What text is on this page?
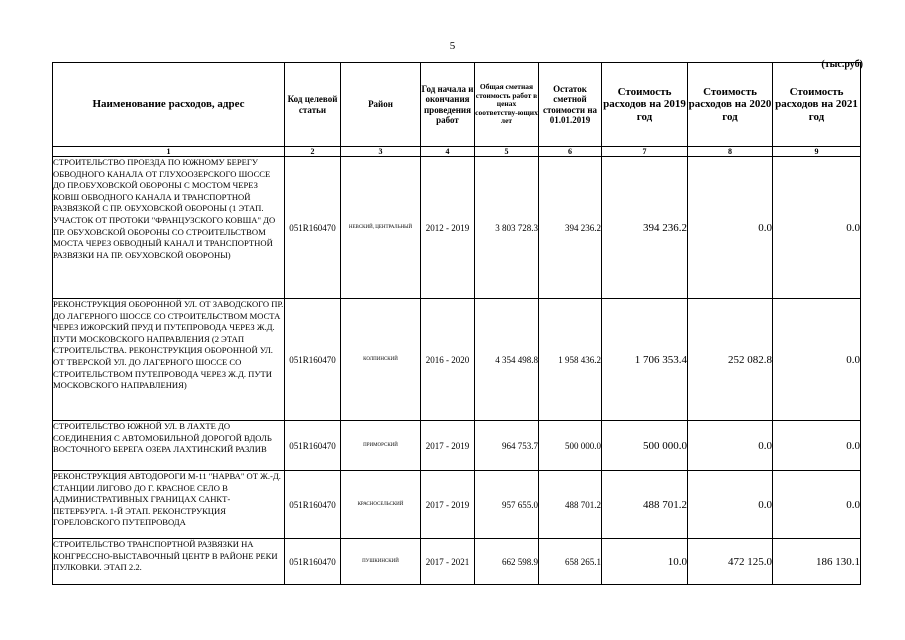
5
(тыс.руб)
Наименование расходов, адрес	Код целевой статьи	Район	Год начала и окончания проведения работ	Общая сметная стоимость работ в ценах соответству-ющих лет	Остаток сметной стоимости на 01.01.2019	Стоимость расходов на 2019 год	Стоимость расходов на 2020 год	Стоимость расходов на 2021 год
1	2	3	4	5	6	7	8	9
СТРОИТЕЛЬСТВО ПРОЕЗДА ПО ЮЖНОМУ БЕРЕГУ ОБВОДНОГО КАНАЛА ОТ ГЛУХООЗЕРСКОГО ШОССЕ ДО ПР.ОБУХОВСКОЙ ОБОРОНЫ С МОСТОМ ЧЕРЕЗ КОВШ ОБВОДНОГО КАНАЛА И ТРАНСПОРТНОЙ РАЗВЯЗКОЙ С ПР. ОБУХОВСКОЙ ОБОРОНЫ (1 ЭТАП. УЧАСТОК ОТ ПРОТОКИ "ФРАНЦУЗСКОГО КОВША" ДО ПР. ОБУХОВСКОЙ ОБОРОНЫ СО СТРОИТЕЛЬСТВОМ МОСТА ЧЕРЕЗ ОБВОДНЫЙ КАНАЛ И ТРАНСПОРТНОЙ РАЗВЯЗКИ НА ПР. ОБУХОВСКОЙ ОБОРОНЫ)	051R160470	НЕВСКИЙ, ЦЕНТРАЛЬНЫЙ	2012 - 2019	3 803 728.3	394 236.2	394 236.2	0.0	0.0
РЕКОНСТРУКЦИЯ ОБОРОННОЙ УЛ. ОТ ЗАВОДСКОГО ПР. ДО ЛАГЕРНОГО ШОССЕ СО СТРОИТЕЛЬСТВОМ МОСТА ЧЕРЕЗ ИЖОРСКИЙ ПРУД И ПУТЕПРОВОДА ЧЕРЕЗ Ж.Д. ПУТИ МОСКОВСКОГО НАПРАВЛЕНИЯ (2 ЭТАП СТРОИТЕЛЬСТВА. РЕКОНСТРУКЦИЯ ОБОРОННОЙ УЛ. ОТ ТВЕРСКОЙ УЛ. ДО ЛАГЕРНОГО ШОССЕ СО СТРОИТЕЛЬСТВОМ ПУТЕПРОВОДА ЧЕРЕЗ Ж.Д. ПУТИ МОСКОВСКОГО НАПРАВЛЕНИЯ)	051R160470	КОЛПИНСКИЙ	2016 - 2020	4 354 498.8	1 958 436.2	1 706 353.4	252 082.8	0.0
СТРОИТЕЛЬСТВО ЮЖНОЙ УЛ. В ЛАХТЕ ДО СОЕДИНЕНИЯ С АВТОМОБИЛЬНОЙ ДОРОГОЙ ВДОЛЬ ВОСТОЧНОГО БЕРЕГА ОЗЕРА ЛАХТИНСКИЙ РАЗЛИВ	051R160470	ПРИМОРСКИЙ	2017 - 2019	964 753.7	500 000.0	500 000.0	0.0	0.0
РЕКОНСТРУКЦИЯ АВТОДОРОГИ М-11 "НАРВА" ОТ Ж.-Д. СТАНЦИИ ЛИГОВО ДО Г. КРАСНОЕ СЕЛО В АДМИНИСТРАТИВНЫХ ГРАНИЦАХ САНКТ-ПЕТЕРБУРГА. 1-Й ЭТАП. РЕКОНСТРУКЦИЯ ГОРЕЛОВСКОГО ПУТЕПРОВОДА	051R160470	КРАСНОСЕЛЬСКИЙ	2017 - 2019	957 655.0	488 701.2	488 701.2	0.0	0.0
СТРОИТЕЛЬСТВО ТРАНСПОРТНОЙ РАЗВЯЗКИ НА КОНГРЕССНО-ВЫСТАВОЧНЫЙ ЦЕНТР В РАЙОНЕ РЕКИ ПУЛКОВКИ. ЭТАП 2.2.	051R160470	ПУШКИНСКИЙ	2017 - 2021	662 598.9	658 265.1	10.0	472 125.0	186 130.1
